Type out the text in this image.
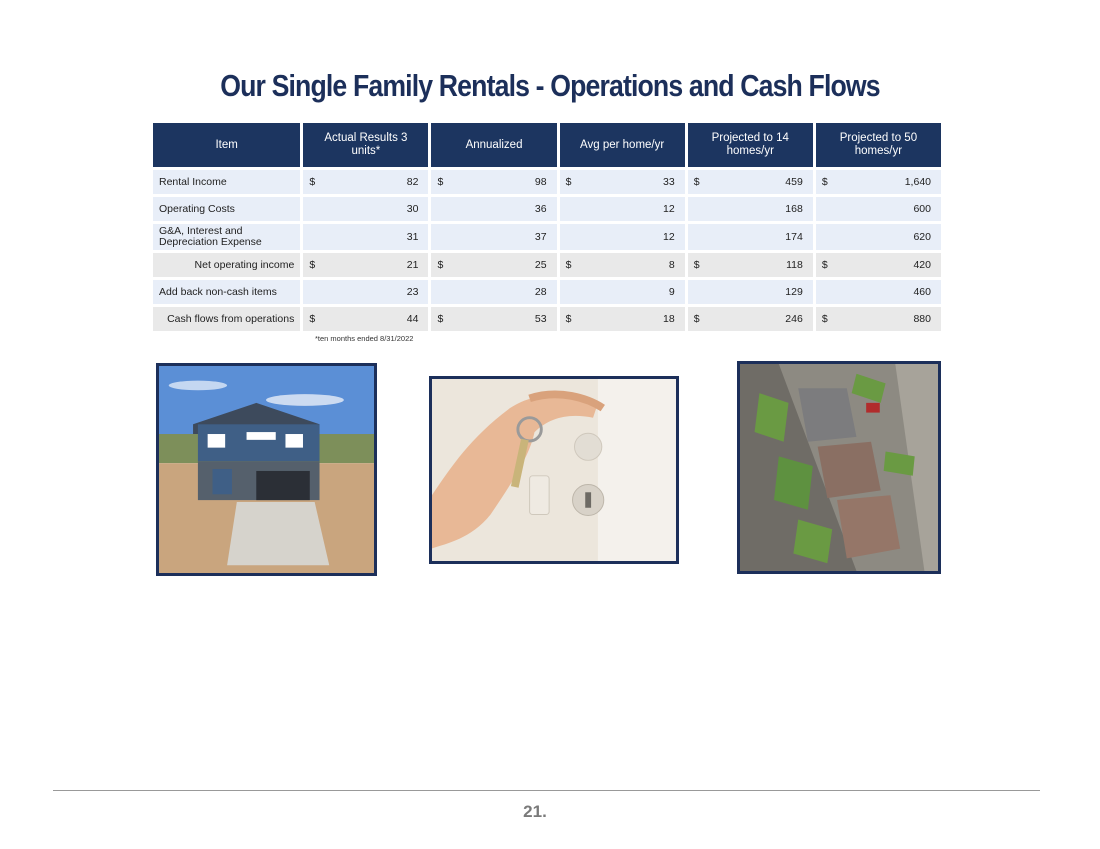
Our Single Family Rentals - Operations and Cash Flows
Item	Actual Results 3 units*	Annualized	Avg per home/yr	Projected to 14 homes/yr	Projected to 50 homes/yr
Rental Income	$ 82	$ 98	$ 33	$ 459	$ 1,640

Operating Costs	30	36	12	168	600

G&A, Interest and Depreciation Expense	31	37	12	174	620

Net operating income	$ 21	$ 25	$ 8	$ 118	$ 420

Add back non-cash items	23	28	9	129	460

Cash flows from operations	$ 44	$ 53	$ 18	$ 246	$ 880
*ten months ended 8/31/2022
21.
